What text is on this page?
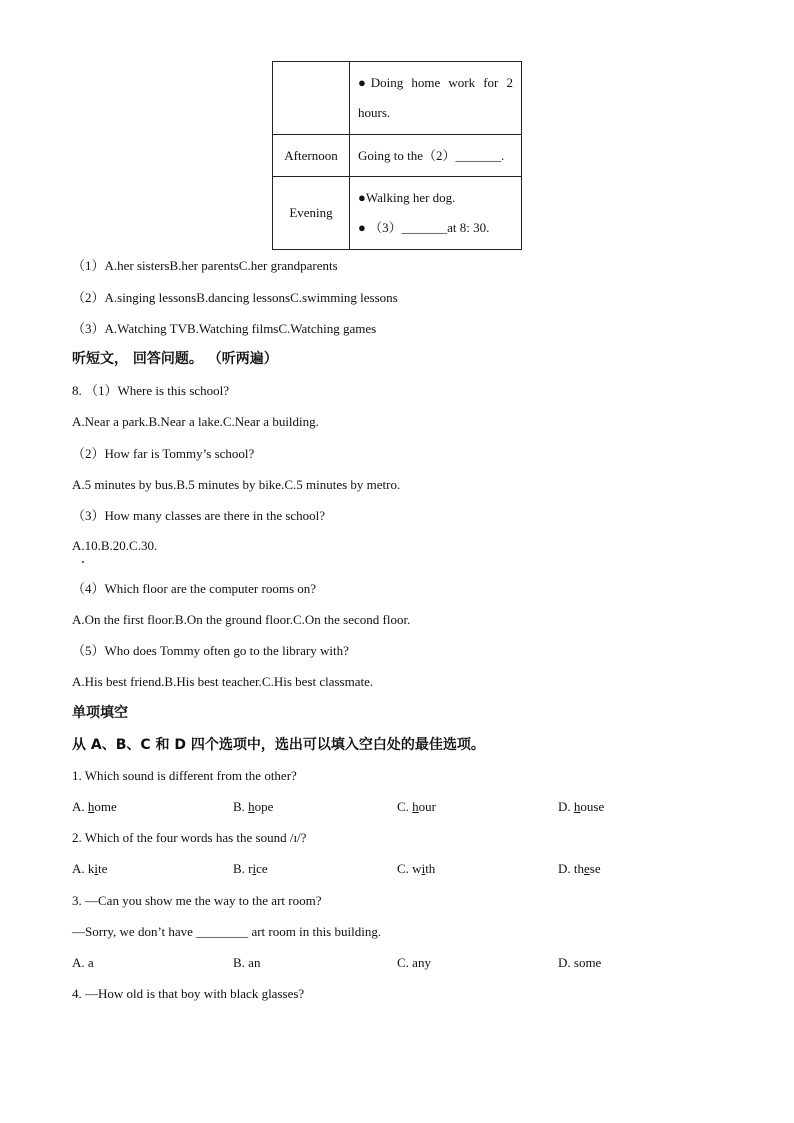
	●Doing home work for 2
hours.

Afternoon	Going to the（2）_______.

Evening	●Walking her dog.
● （3）_______at 8: 30.
（1）A.her sistersB.her parentsC.her grandparents
（2）A.singing lessonsB.dancing lessonsC.swimming lessons
（3）A.Watching TVB.Watching filmsC.Watching games
听短文， 回答问题。 （听两遍）
8. （1）Where is this school?
A.Near a park.B.Near a lake.C.Near a building.
（2）How far is Tommy’s school?
A.5 minutes by bus.B.5 minutes by bike.C.5 minutes by metro.
（3）How many classes are there in the school?
A.10.B.20.C.30.
（4）Which floor are the computer rooms on?
A.On the first floor.B.On the ground floor.C.On the second floor.
（5）Who does Tommy often go to the library with?
A.His best friend.B.His best teacher.C.His best classmate.
单项填空
从 A、B、C 和 D 四个选项中，选出可以填入空白处的最佳选项。
1. Which sound is different from the other?
A. home	B. hope	C. hour	D. house
2. Which of the four words has the sound /ɪ/?
A. kite	B. rice	C. with	D. these
3. —Can you show me the way to the art room?
—Sorry, we don’t have ________ art room in this building.
A. a	B. an	C. any	D. some
4. —How old is that boy with black glasses?
